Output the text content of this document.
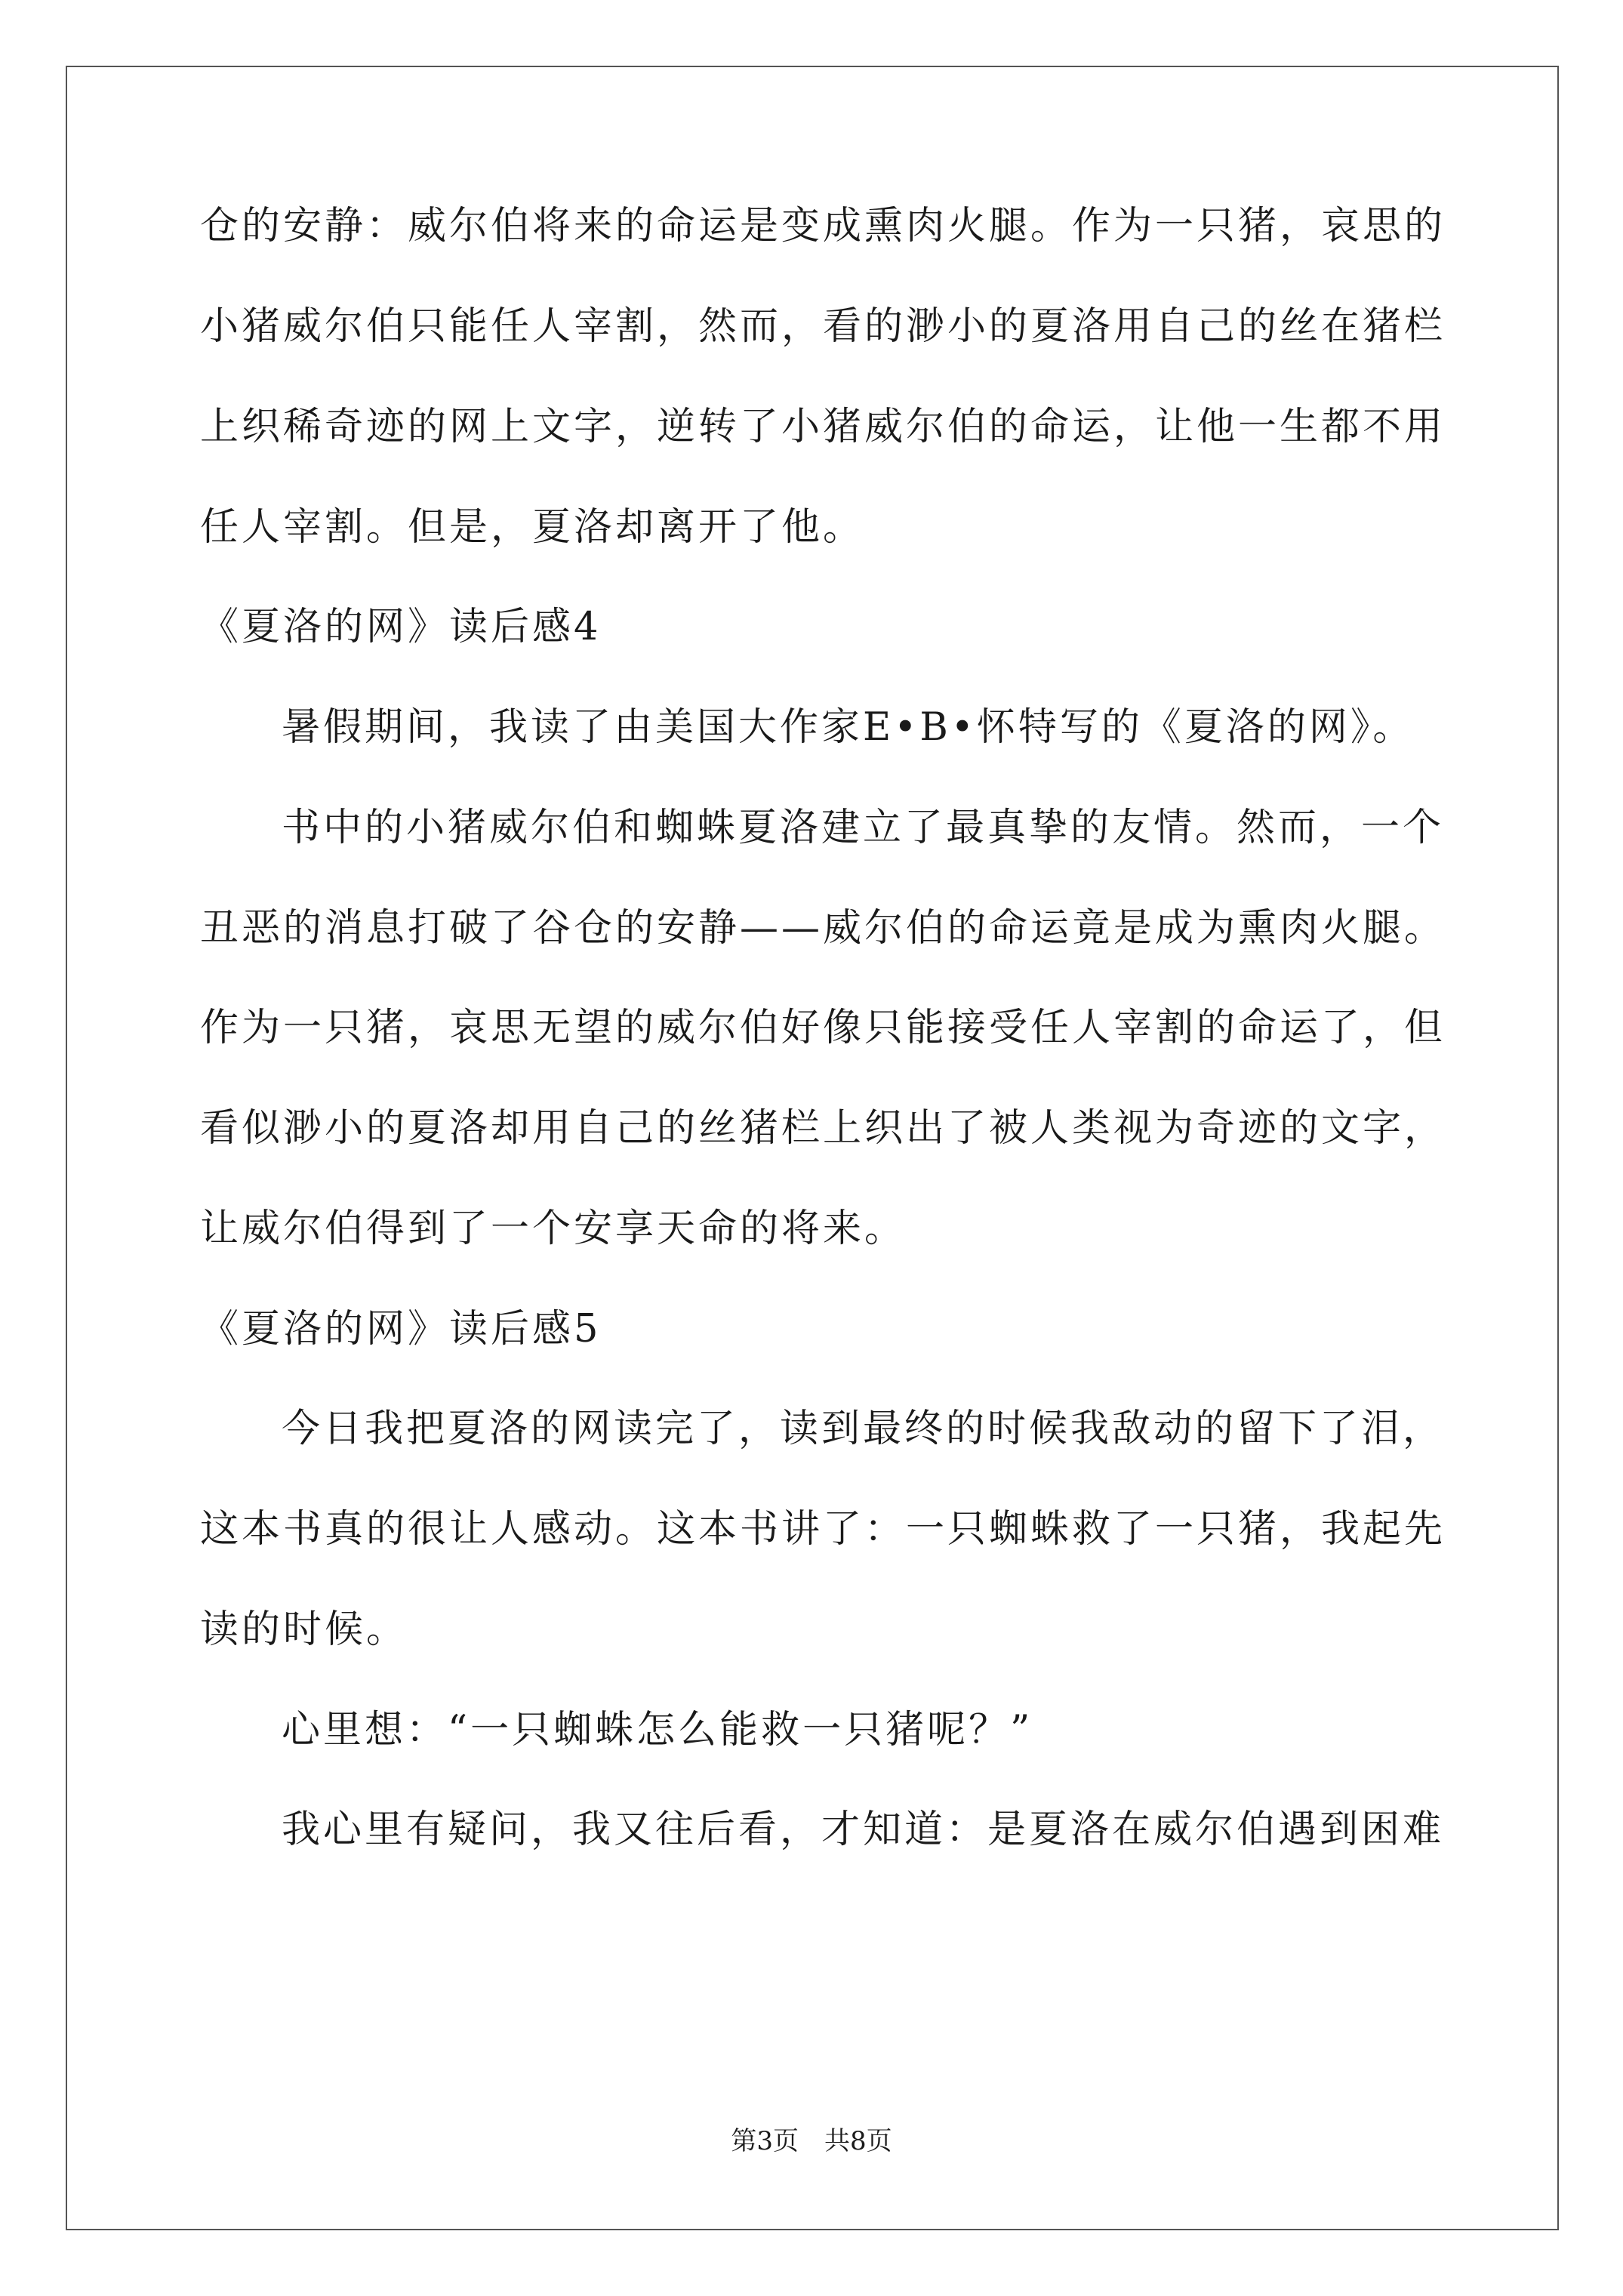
仓的安静：威尔伯将来的命运是变成熏肉火腿。作为一只猪，哀思的
小猪威尔伯只能任人宰割，然而，看的渺小的夏洛用自己的丝在猪栏
上织稀奇迹的网上文字，逆转了小猪威尔伯的命运，让他一生都不用
任人宰割。但是，夏洛却离开了他。
《夏洛的网》读后感4
暑假期间，我读了由美国大作家E•B•怀特写的《夏洛的网》。
书中的小猪威尔伯和蜘蛛夏洛建立了最真挚的友情。然而，一个
丑恶的消息打破了谷仓的安静——威尔伯的命运竟是成为熏肉火腿。
作为一只猪，哀思无望的威尔伯好像只能接受任人宰割的命运了，但
看似渺小的夏洛却用自己的丝猪栏上织出了被人类视为奇迹的文字，
让威尔伯得到了一个安享天命的将来。
《夏洛的网》读后感5
今日我把夏洛的网读完了，读到最终的时候我敌动的留下了泪，
这本书真的很让人感动。这本书讲了：一只蜘蛛救了一只猪，我起先
读的时候。
心里想：“一只蜘蛛怎么能救一只猪呢？”
我心里有疑问，我又往后看，才知道：是夏洛在威尔伯遇到困难
第3页　共8页
